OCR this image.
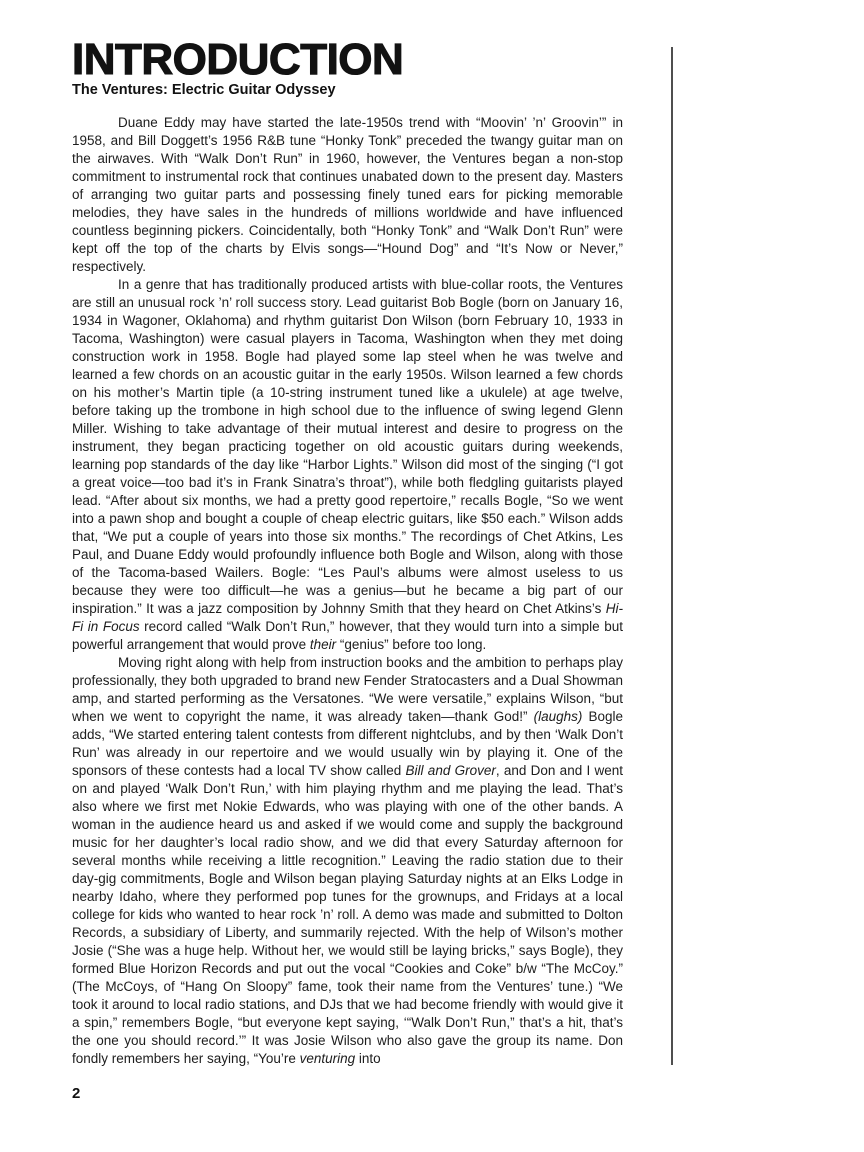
INTRODUCTION
The Ventures: Electric Guitar Odyssey

Duane Eddy may have started the late-1950s trend with “Moovin’ ’n’ Groovin’” in 1958, and Bill Doggett’s 1956 R&B tune “Honky Tonk” preceded the twangy guitar man on the airwaves. With “Walk Don’t Run” in 1960, however, the Ventures began a non-stop commitment to instrumental rock that continues unabated down to the present day. Masters of arranging two guitar parts and possessing finely tuned ears for picking memorable melodies, they have sales in the hundreds of millions worldwide and have influenced countless beginning pickers. Coincidentally, both “Honky Tonk” and “Walk Don’t Run” were kept off the top of the charts by Elvis songs—“Hound Dog” and “It’s Now or Never,” respectively.

In a genre that has traditionally produced artists with blue-collar roots, the Ventures are still an unusual rock ’n’ roll success story. Lead guitarist Bob Bogle (born on January 16, 1934 in Wagoner, Oklahoma) and rhythm guitarist Don Wilson (born February 10, 1933 in Tacoma, Washington) were casual players in Tacoma, Washington when they met doing construction work in 1958. Bogle had played some lap steel when he was twelve and learned a few chords on an acoustic guitar in the early 1950s. Wilson learned a few chords on his mother’s Martin tiple (a 10-string instrument tuned like a ukulele) at age twelve, before taking up the trombone in high school due to the influence of swing legend Glenn Miller. Wishing to take advantage of their mutual interest and desire to progress on the instrument, they began practicing together on old acoustic guitars during weekends, learning pop standards of the day like “Harbor Lights.” Wilson did most of the singing (“I got a great voice—too bad it’s in Frank Sinatra’s throat”), while both fledgling guitarists played lead. “After about six months, we had a pretty good repertoire,” recalls Bogle, “So we went into a pawn shop and bought a couple of cheap electric guitars, like $50 each.” Wilson adds that, “We put a couple of years into those six months.” The recordings of Chet Atkins, Les Paul, and Duane Eddy would profoundly influence both Bogle and Wilson, along with those of the Tacoma-based Wailers. Bogle: “Les Paul’s albums were almost useless to us because they were too difficult—he was a genius—but he became a big part of our inspiration.” It was a jazz composition by Johnny Smith that they heard on Chet Atkins’s Hi-Fi in Focus record called “Walk Don’t Run,” however, that they would turn into a simple but powerful arrangement that would prove their “genius” before too long.

Moving right along with help from instruction books and the ambition to perhaps play professionally, they both upgraded to brand new Fender Stratocasters and a Dual Showman amp, and started performing as the Versatones. “We were versatile,” explains Wilson, “but when we went to copyright the name, it was already taken—thank God!” (laughs) Bogle adds, “We started entering talent contests from different nightclubs, and by then ‘Walk Don’t Run’ was already in our repertoire and we would usually win by playing it. One of the sponsors of these contests had a local TV show called Bill and Grover, and Don and I went on and played ‘Walk Don’t Run,’ with him playing rhythm and me playing the lead. That’s also where we first met Nokie Edwards, who was playing with one of the other bands. A woman in the audience heard us and asked if we would come and supply the background music for her daughter’s local radio show, and we did that every Saturday afternoon for several months while receiving a little recognition.” Leaving the radio station due to their day-gig commitments, Bogle and Wilson began playing Saturday nights at an Elks Lodge in nearby Idaho, where they performed pop tunes for the grownups, and Fridays at a local college for kids who wanted to hear rock ’n’ roll. A demo was made and submitted to Dolton Records, a subsidiary of Liberty, and summarily rejected. With the help of Wilson’s mother Josie (“She was a huge help. Without her, we would still be laying bricks,” says Bogle), they formed Blue Horizon Records and put out the vocal “Cookies and Coke” b/w “The McCoy.” (The McCoys, of “Hang On Sloopy” fame, took their name from the Ventures’ tune.) “We took it around to local radio stations, and DJs that we had become friendly with would give it a spin,” remembers Bogle, “but everyone kept saying, ‘“Walk Don’t Run,” that’s a hit, that’s the one you should record.’” It was Josie Wilson who also gave the group its name. Don fondly remembers her saying, “You’re venturing into

2
